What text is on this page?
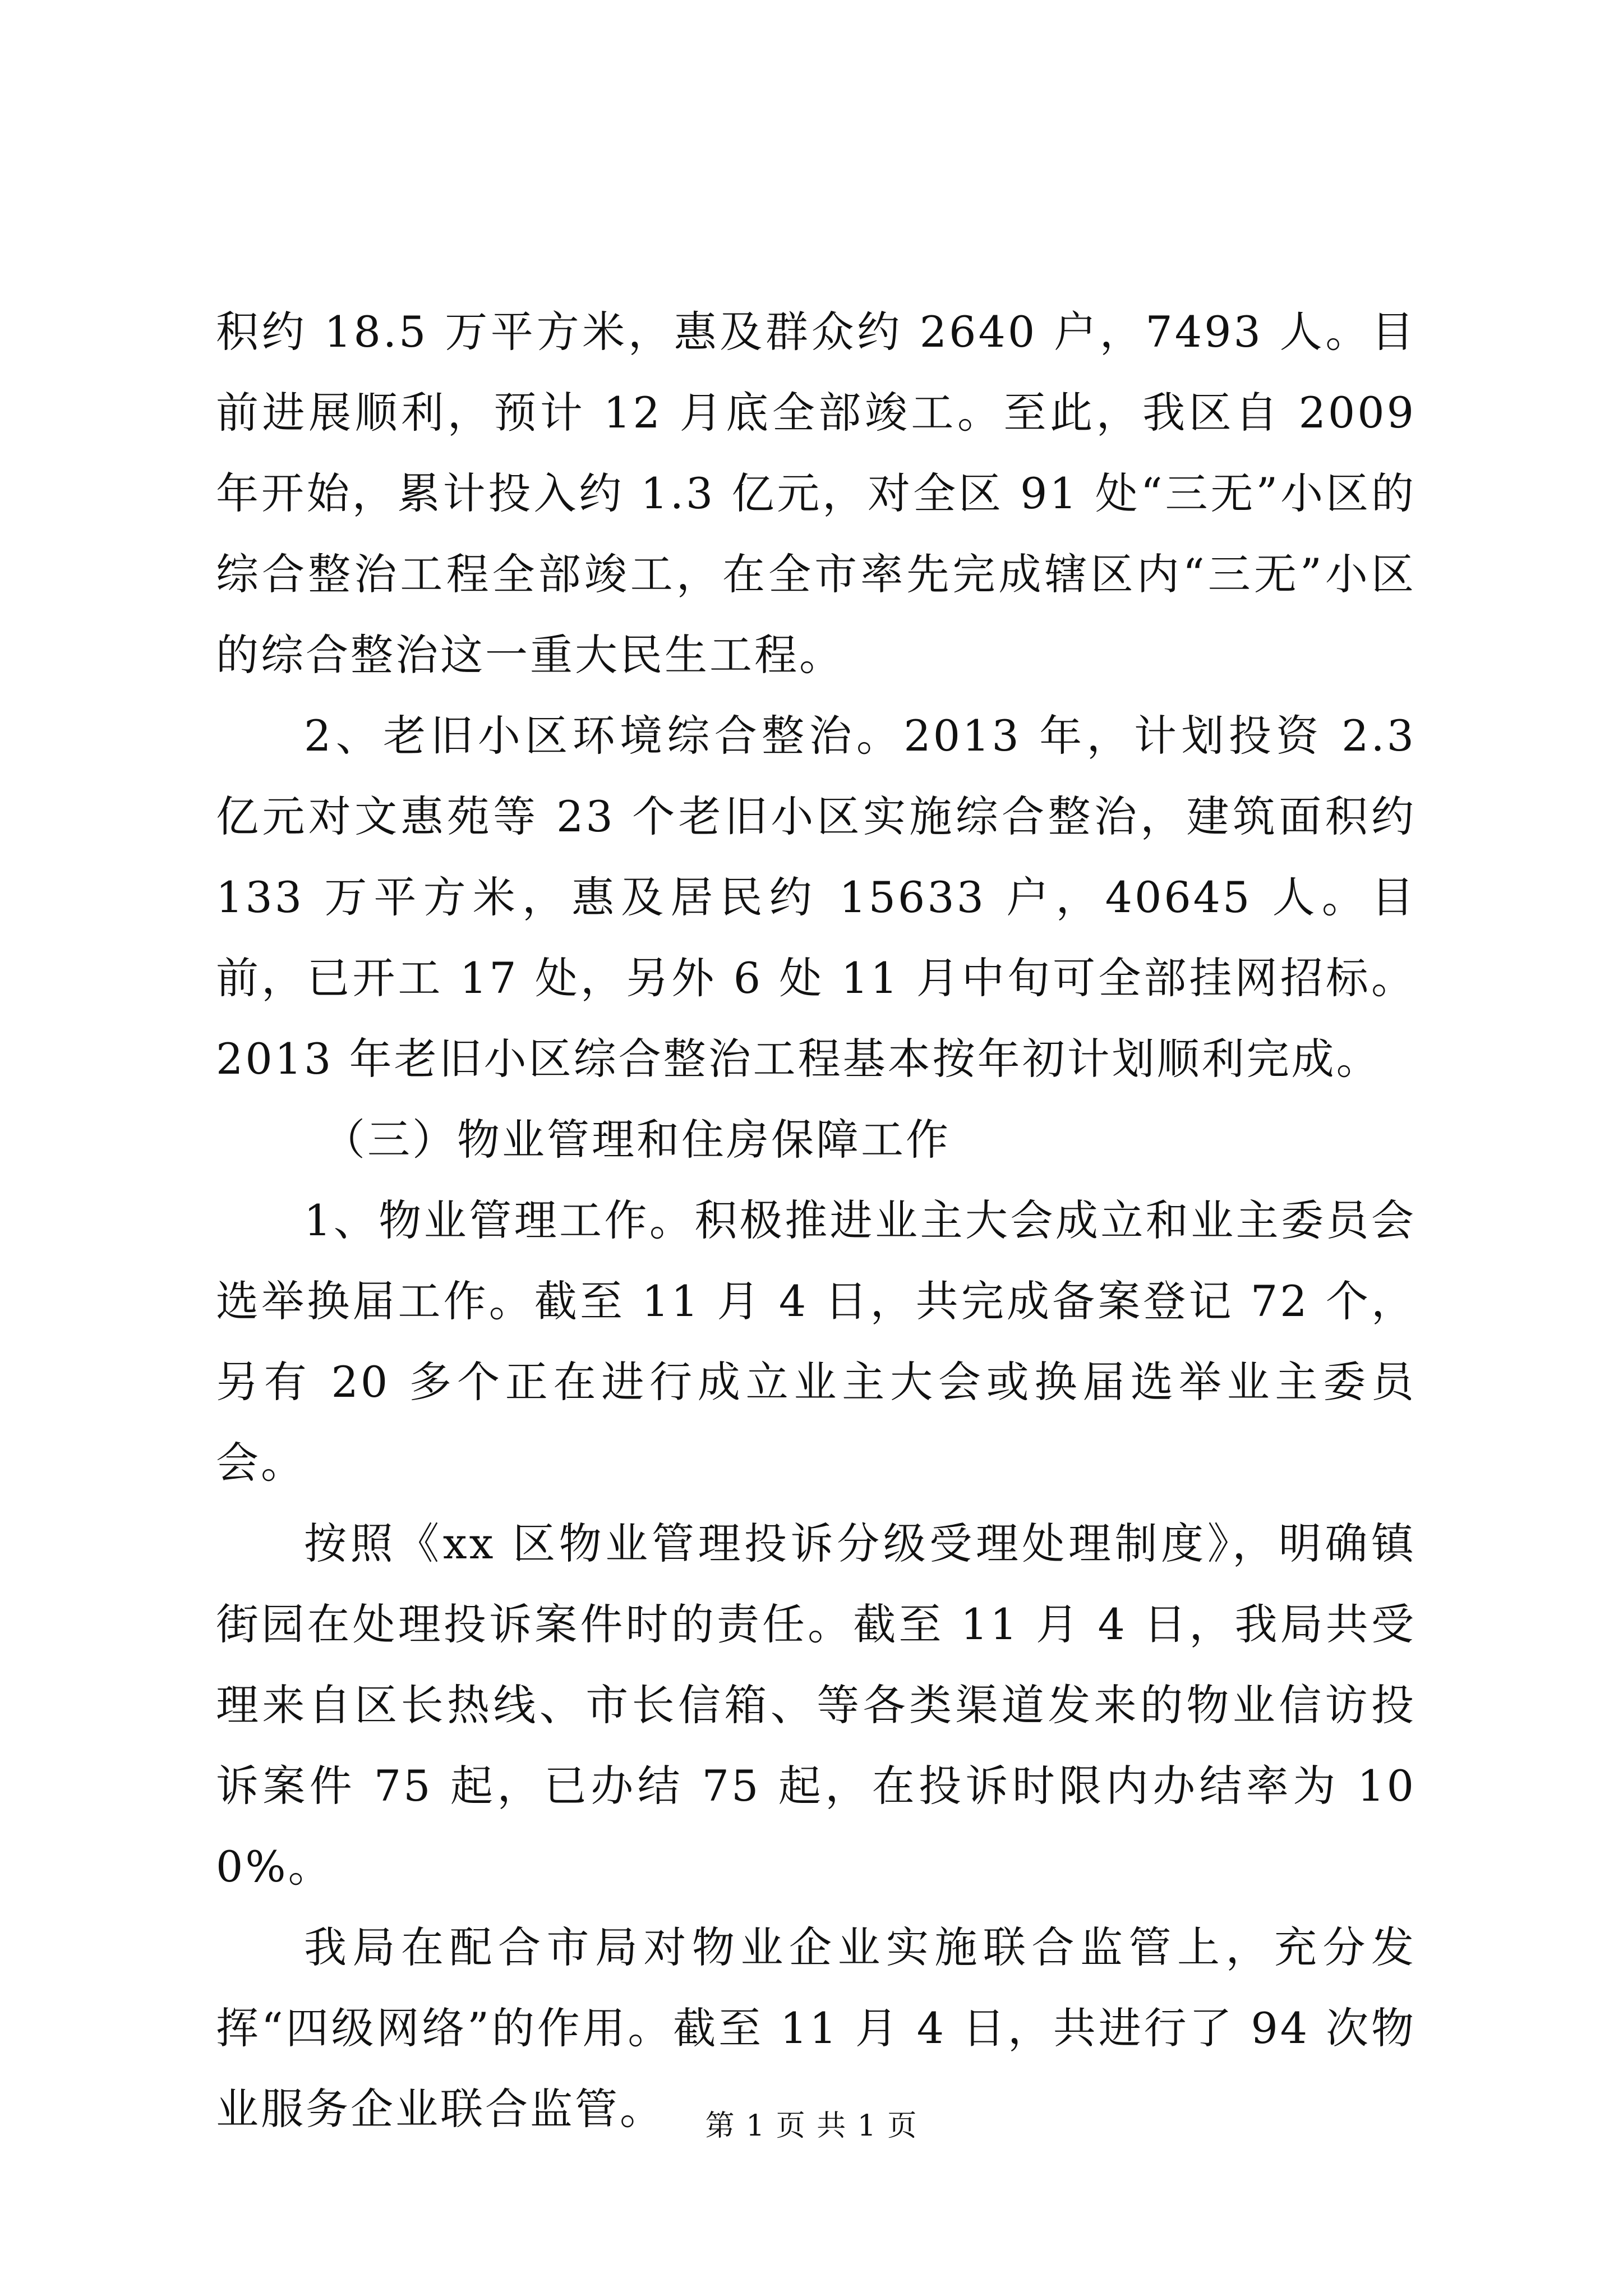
积约 18.5 万平方米，惠及群众约 2640 户，7493 人。目前进展顺利，预计 12 月底全部竣工。至此，我区自 2009 年开始，累计投入约 1.3 亿元，对全区 91 处“三无”小区的综合整治工程全部竣工，在全市率先完成辖区内“三无”小区的综合整治这一重大民生工程。

2、老旧小区环境综合整治。2013 年，计划投资 2.3 亿元对文惠苑等 23 个老旧小区实施综合整治，建筑面积约 133 万平方米，惠及居民约 15633 户，40645 人。目前，已开工 17 处，另外 6 处 11 月中旬可全部挂网招标。2013 年老旧小区综合整治工程基本按年初计划顺利完成。

（三）物业管理和住房保障工作

1、物业管理工作。积极推进业主大会成立和业主委员会选举换届工作。截至 11 月 4 日，共完成备案登记 72 个，另有 20 多个正在进行成立业主大会或换届选举业主委员会。

按照《xx 区物业管理投诉分级受理处理制度》，明确镇街园在处理投诉案件时的责任。截至 11 月 4 日，我局共受理来自区长热线、市长信箱、等各类渠道发来的物业信访投诉案件 75 起，已办结 75 起，在投诉时限内办结率为 100%。

我局在配合市局对物业企业实施联合监管上，充分发挥“四级网络”的作用。截至 11 月 4 日，共进行了 94 次物业服务企业联合监管。	第 1 页 共 1 页
